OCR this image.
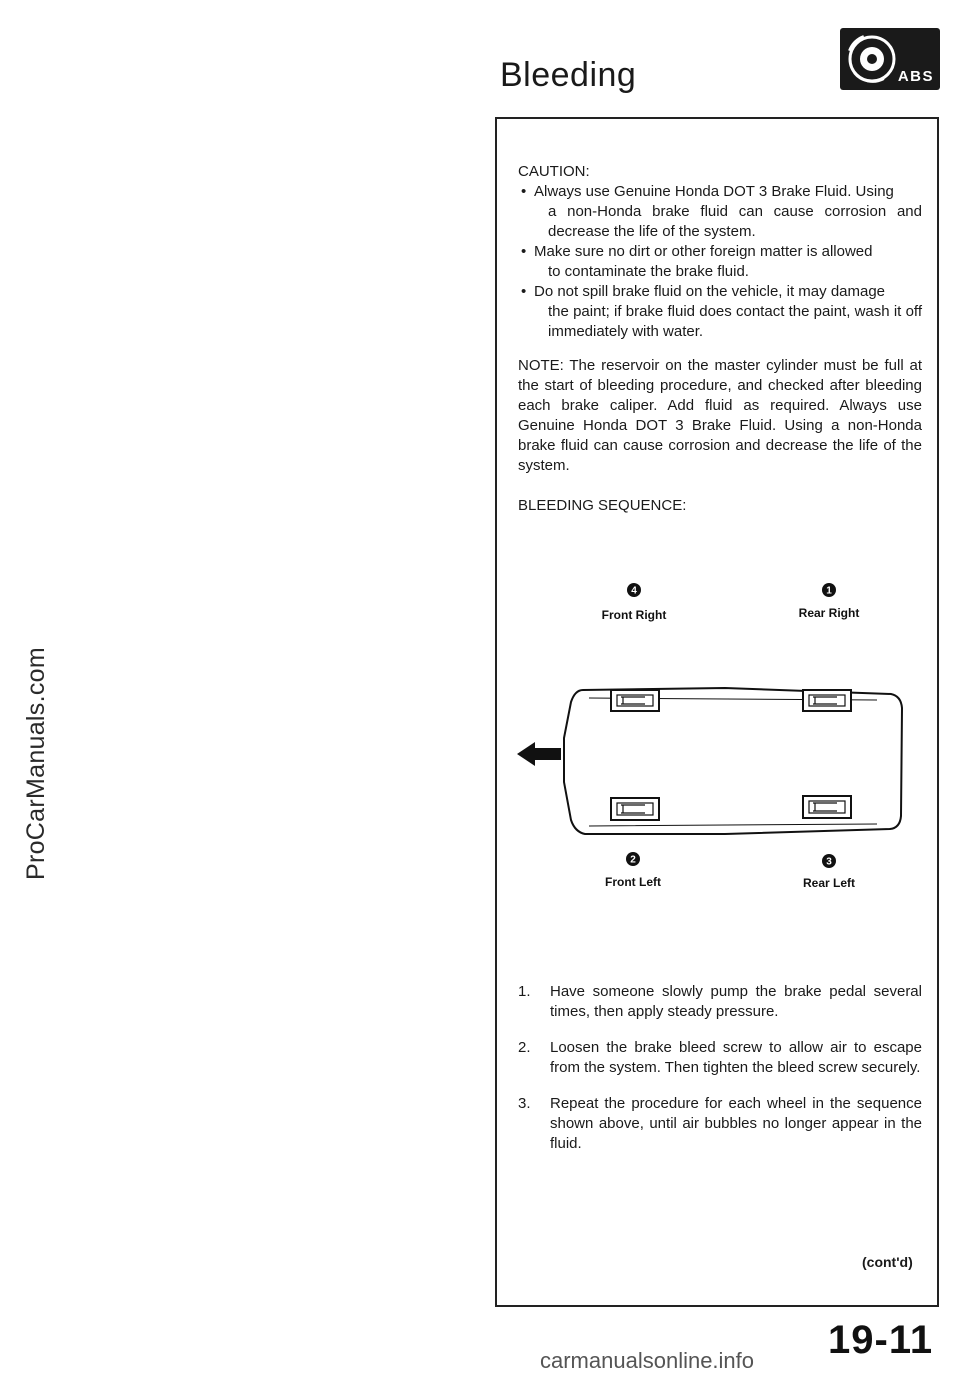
ProCarManuals.com
Bleeding	ABS
CAUTION:
• Always use Genuine Honda DOT 3 Brake Fluid. Using
a non-Honda brake fluid can cause corrosion and decrease the life of the system.
• Make sure no dirt or other foreign matter is allowed
to contaminate the brake fluid.
• Do not spill brake fluid on the vehicle, it may damage
the paint; if brake fluid does contact the paint, wash it off immediately with water.
NOTE: The reservoir on the master cylinder must be full at the start of bleeding procedure, and checked after bleeding each brake caliper. Add fluid as required. Always use Genuine Honda DOT 3 Brake Fluid. Using a non-Honda brake fluid can cause corrosion and decrease the life of the system.
BLEEDING SEQUENCE:
4
Front Right
1
Rear Right
2
Front Left
3
Rear Left
1. Have someone slowly pump the brake pedal several times, then apply steady pressure.
2. Loosen the brake bleed screw to allow air to escape from the system. Then tighten the bleed screw securely.
3. Repeat the procedure for each wheel in the sequence shown above, until air bubbles no longer appear in the fluid.
(cont'd)
19-11
carmanualsonline.info
